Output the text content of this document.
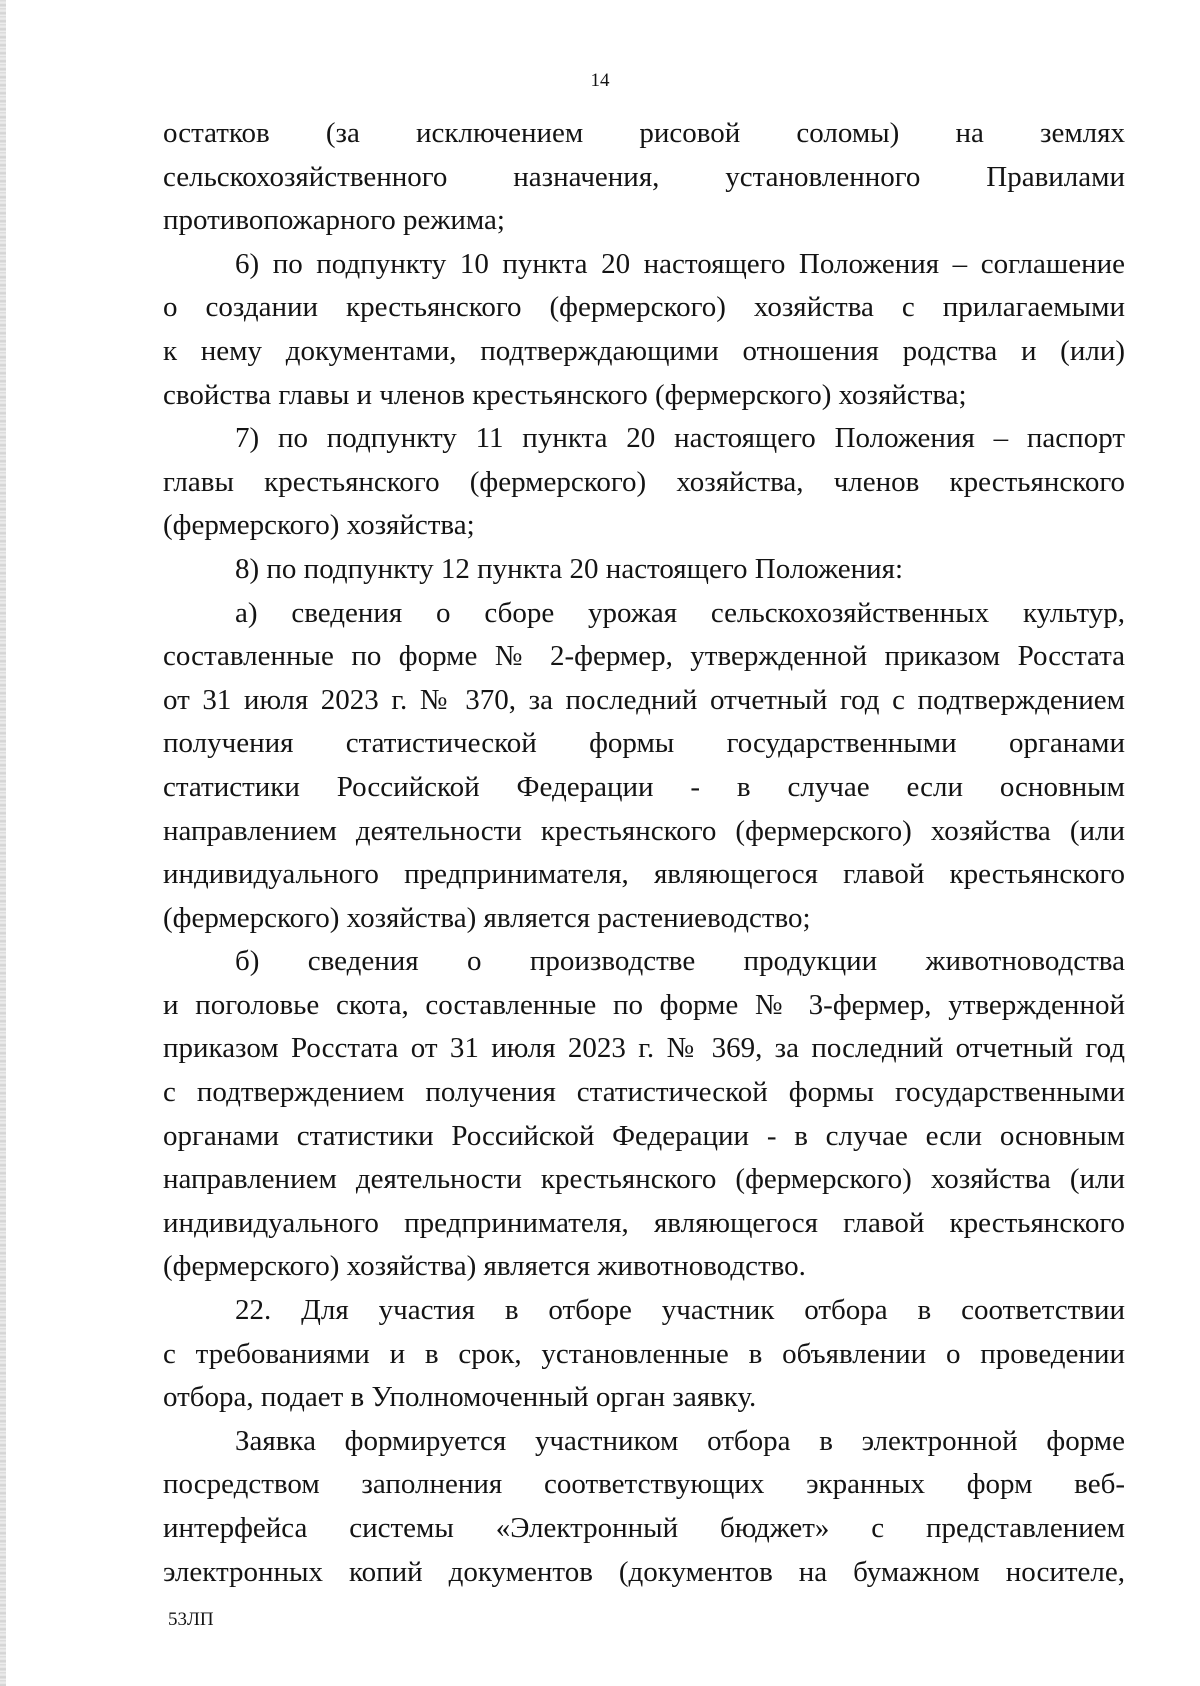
14
остатков (за исключением рисовой соломы) на землях
сельскохозяйственного назначения, установленного Правилами
противопожарного режима;
6) по подпункту 10 пункта 20 настоящего Положения – соглашение
о создании крестьянского (фермерского) хозяйства с прилагаемыми
к нему документами, подтверждающими отношения родства и (или)
свойства главы и членов крестьянского (фермерского) хозяйства;
7) по подпункту 11 пункта 20 настоящего Положения – паспорт
главы крестьянского (фермерского) хозяйства, членов крестьянского
(фермерского) хозяйства;
8) по подпункту 12 пункта 20 настоящего Положения:
а) сведения о сборе урожая сельскохозяйственных культур,
составленные по форме № 2-фермер, утвержденной приказом Росстата
от 31 июля 2023 г. № 370, за последний отчетный год с подтверждением
получения статистической формы государственными органами
статистики Российской Федерации - в случае если основным
направлением деятельности крестьянского (фермерского) хозяйства (или
индивидуального предпринимателя, являющегося главой крестьянского
(фермерского) хозяйства) является растениеводство;
б) сведения о производстве продукции животноводства
и поголовье скота, составленные по форме № 3-фермер, утвержденной
приказом Росстата от 31 июля 2023 г. № 369, за последний отчетный год
с подтверждением получения статистической формы государственными
органами статистики Российской Федерации - в случае если основным
направлением деятельности крестьянского (фермерского) хозяйства (или
индивидуального предпринимателя, являющегося главой крестьянского
(фермерского) хозяйства) является животноводство.
22. Для участия в отборе участник отбора в соответствии
с требованиями и в срок, установленные в объявлении о проведении
отбора, подает в Уполномоченный орган заявку.
Заявка формируется участником отбора в электронной форме
посредством заполнения соответствующих экранных форм веб-
интерфейса системы «Электронный бюджет» с представлением
электронных копий документов (документов на бумажном носителе,
53ЛП
